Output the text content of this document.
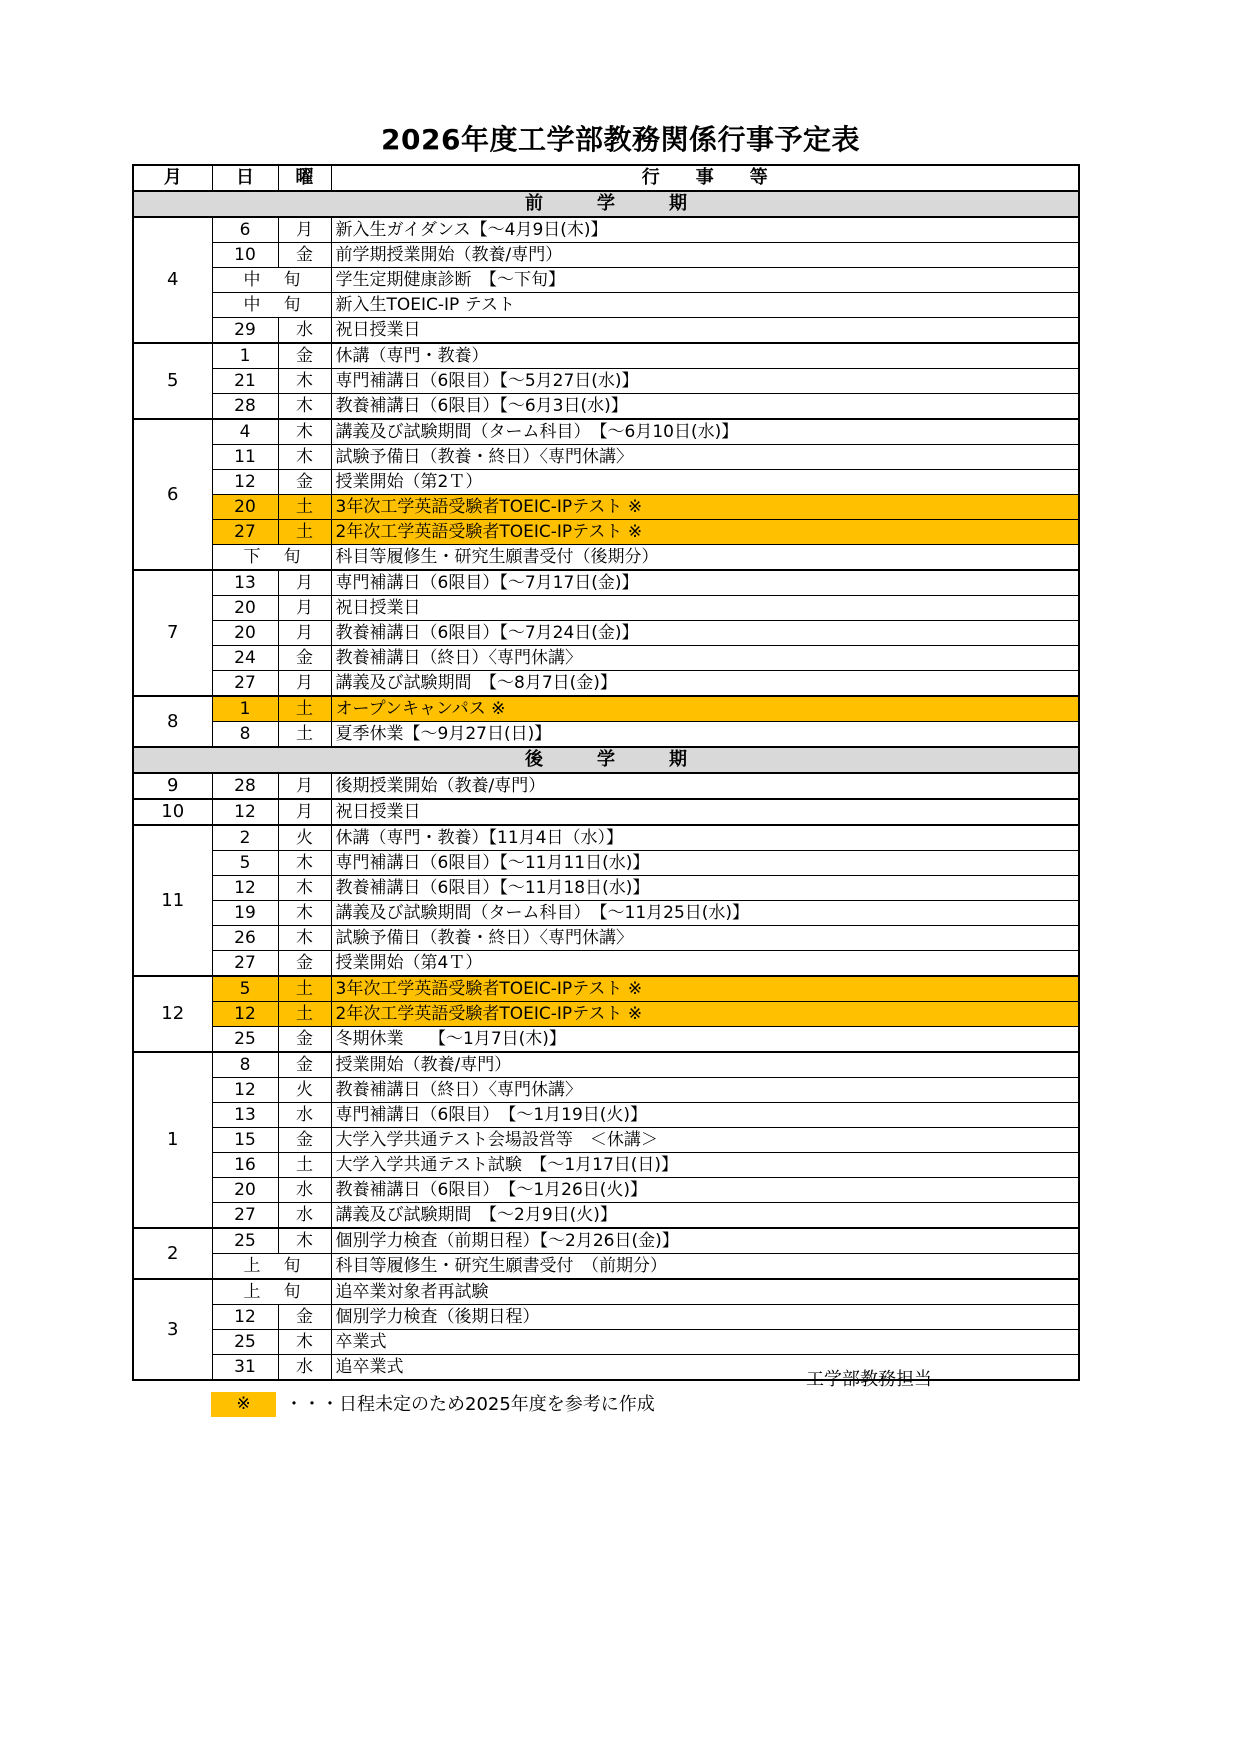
2026年度工学部教務関係行事予定表
月	日	曜	行　　事　　等
前　　　学　　　期			
4	6	月	新入生ガイダンス【～4月9日(木)】
	10	金	前学期授業開始（教養/専門）
	中 旬		学生定期健康診断　【～下旬】
	中 旬		新入生TOEIC-IP テスト
	29	水	祝日授業日
5	1	金	休講（専門・教養）
	21	木	専門補講日（6限目）【～5月27日(水)】
	28	木	教養補講日（6限目）【～6月3日(水)】
6	4	木	講義及び試験期間（ターム科目）　【～6月10日(水)】
	11	木	試験予備日（教養・終日）〈専門休講〉
	12	金	授業開始（第2Ｔ）
	20	土	3年次工学英語受験者TOEIC-IPテスト ※
	27	土	2年次工学英語受験者TOEIC-IPテスト ※
	下 旬		科目等履修生・研究生願書受付（後期分）
7	13	月	専門補講日（6限目）【～7月17日(金)】
	20	月	祝日授業日
	20	月	教養補講日（6限目）【～7月24日(金)】
	24	金	教養補講日（終日）〈専門休講〉
	27	月	講義及び試験期間　【～8月7日(金)】
8	1	土	オープンキャンパス ※
	8	土	夏季休業【～9月27日(日)】
後　　　学　　　期			
9	28	月	後期授業開始（教養/専門）
10	12	月	祝日授業日
11	2	火	休講（専門・教養）【11月4日（水）】
	5	木	専門補講日（6限目）【～11月11日(水)】
	12	木	教養補講日（6限目）【～11月18日(水)】
	19	木	講義及び試験期間（ターム科目）　【～11月25日(水)】
	26	木	試験予備日（教養・終日）〈専門休講〉
	27	金	授業開始（第4Ｔ）
12	5	土	3年次工学英語受験者TOEIC-IPテスト ※
	12	土	2年次工学英語受験者TOEIC-IPテスト ※
	25	金	冬期休業　　【～1月7日(木)】
1	8	金	授業開始（教養/専門）
	12	火	教養補講日（終日）〈専門休講〉
	13	水	専門補講日（6限目）　【～1月19日(火)】
	15	金	大学入学共通テスト会場設営等　＜休講＞
	16	土	大学入学共通テスト試験　【～1月17日(日)】
	20	水	教養補講日（6限目）　【～1月26日(火)】
	27	水	講義及び試験期間　【～2月9日(火)】
2	25	木	個別学力検査（前期日程）【～2月26日(金)】
	上 旬		科目等履修生・研究生願書受付　（前期分）
3	上 旬		追卒業対象者再試験
	12	金	個別学力検査（後期日程）
	25	木	卒業式
	31	水	追卒業式
工学部教務担当
※	・・・日程未定のため2025年度を参考に作成
